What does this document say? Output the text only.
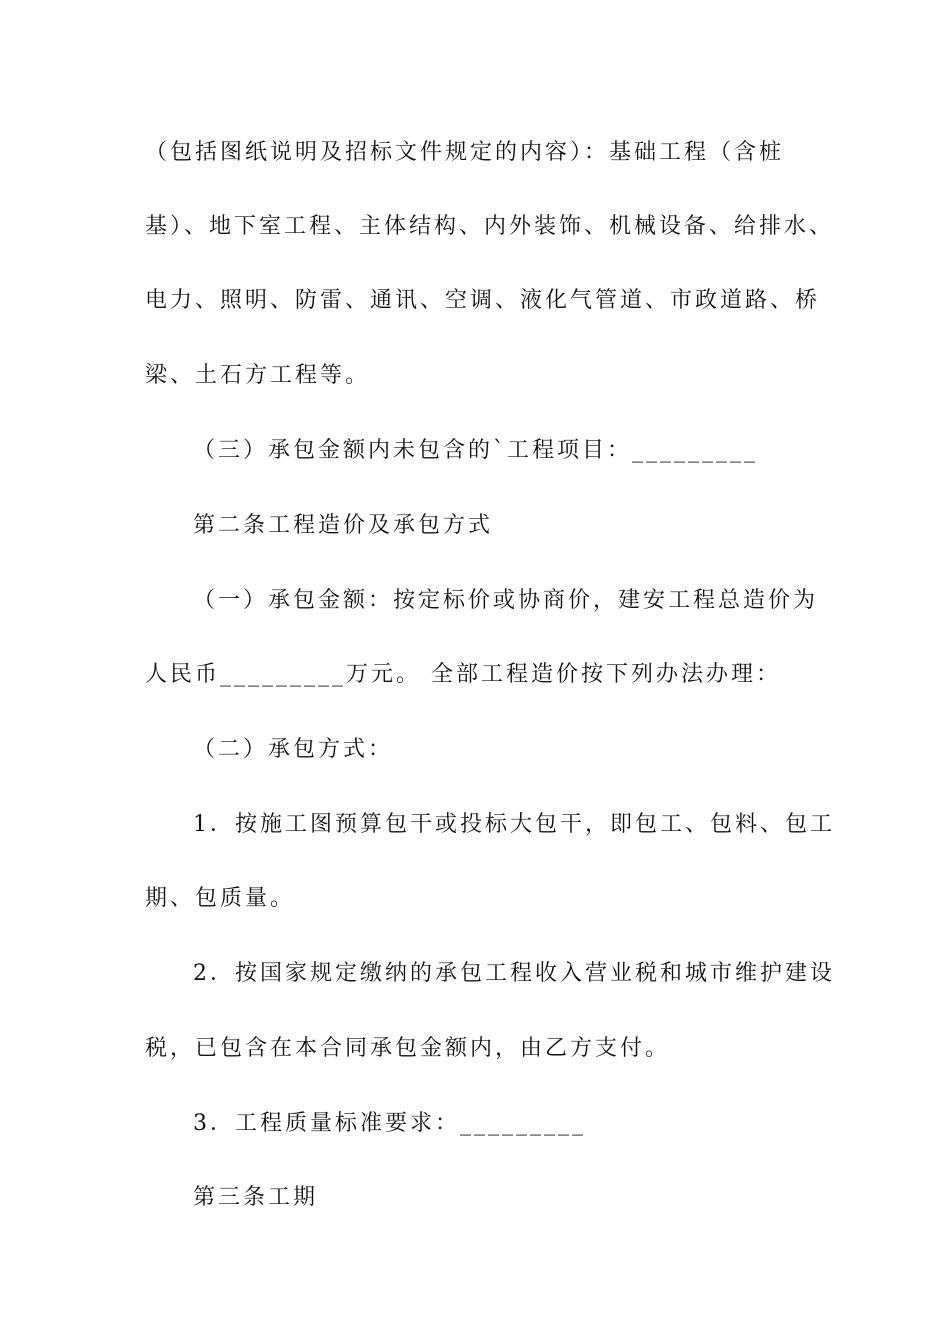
（包括图纸说明及招标文件规定的内容）：基础工程（含桩
基）、地下室工程、主体结构、内外装饰、机械设备、给排水、
电力、照明、防雷、通讯、空调、液化气管道、市政道路、桥
梁、土石方工程等。
（三）承包金额内未包含的`工程项目：_________
第二条工程造价及承包方式
（一）承包金额：按定标价或协商价，建安工程总造价为
人民币_________万元。 全部工程造价按下列办法办理：
（二）承包方式：
1．按施工图预算包干或投标大包干，即包工、包料、包工
期、包质量。
2．按国家规定缴纳的承包工程收入营业税和城市维护建设
税，已包含在本合同承包金额内，由乙方支付。
3．工程质量标准要求：_________
第三条工期
